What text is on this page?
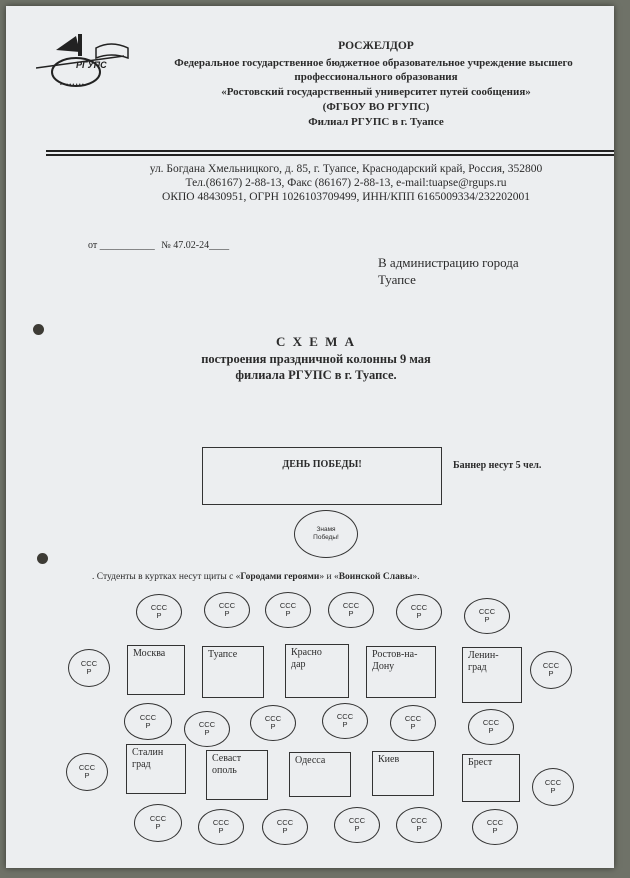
РГУПС
• • • • • • • •
РОСЖЕЛДОР
Федеральное государственное бюджетное образовательное учреждение высшего
профессионального образования
«Ростовский государственный университет путей сообщения»
(ФГБОУ ВО РГУПС)
Филиал РГУПС в г. Туапсе
ул. Богдана Хмельницкого, д. 85, г. Туапсе, Краснодарский край, Россия, 352800
Тел.(86167) 2-88-13, Факс (86167) 2-88-13, e-mail:tuapse@rgups.ru
ОКПО 48430951, ОГРН 1026103709499, ИНН/КПП 6165009334/232202001
от ___________ № 47.02-24____
В администрацию города
Туапсе
С Х Е М А
построения праздничной колонны 9 мая
филиала РГУПС в г. Туапсе.
ДЕНЬ ПОБЕДЫ!	Баннер несут 5 чел.
Знамя
Победы!
. Студенты в куртках несут щиты с «Городами героями» и «Воинской Славы».
ССС
Р
ССС
Р
ССС
Р
ССС
Р
ССС
Р	ССС
Р
ССС
Р
ССС
Р
ССС
Р	ССС
Р
ССС
Р
ССС
Р
ССС
Р	ССС
Р
ССС
Р
ССС
Р
ССС
Р	ССС
Р
ССС
Р
ССС
Р
ССС
Р
ССС
Р
Москва	Туапсе	Красно
дар
Ростов-на-
Дону
Ленин-
град
Сталин
град
Севаст
ополь
Одесса	Киев	Брест
